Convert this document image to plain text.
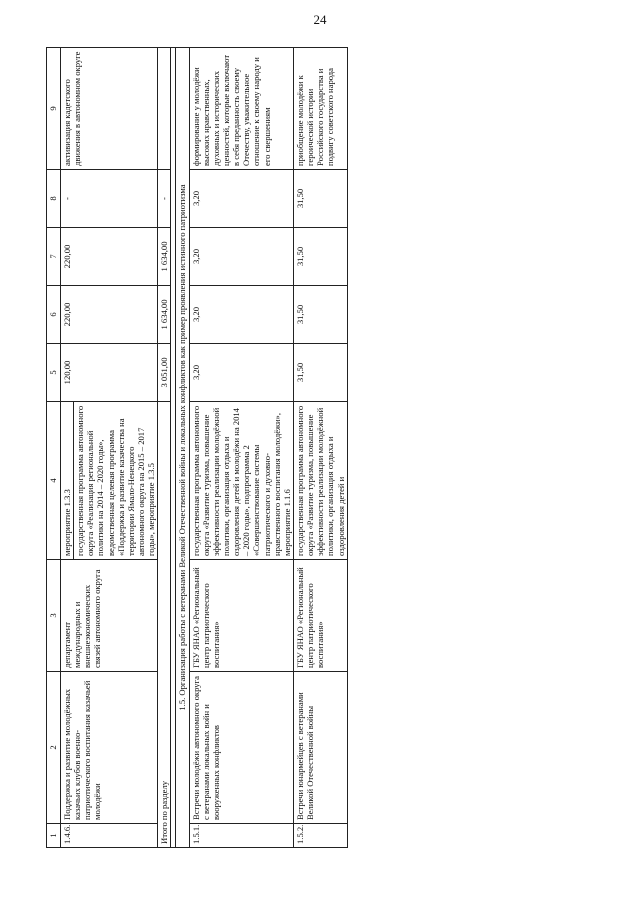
24
1	2	3	4	5	6	7	8	9
1.4.6.	Поддержка и развитие молодёжных казачьих клубов военно-патриотического воспитания казачьей молодёжи	департамент международных и внешнеэкономических связей автономного округа	мероприятие 1.3.3 государственная программа автономного округа «Реализация региональной политики на 2014 – 2020 годы», ведомственная целевая программа «Поддержка и развитие казачества на территории Ямало-Ненецкого автономного округа на 2015 – 2017 годы», мероприятие 1.3.5	120,00	220,00	220,00	-	активизация кадетского движения в автономном округе
Итого по разделу				3 051,00	1 634,00	1 634,00	-	

1.5. Организация работы с ветеранами Великой Отечественной войны и локальных конфликтов как пример проявления истинного патриотизма								
1.5.1.	Встречи молодёжи автономного округа с ветеранами локальных войн и вооруженных конфликтов	ГБУ ЯНАО «Региональный центр патриотического воспитания»	государственная программа автономного округа «Развитие туризма, повышение эффективности реализации молодёжной политики, организация отдыха и оздоровления детей и молодёжи на 2014 – 2020 годы», подпрограмма 2 «Совершенствование системы патриотического и духовно-нравственного воспитания молодёжи», мероприятие 1.1.6	3,20	3,20	3,20	3,20	формирование у молодёжи высоких нравственных, духовных и исторических ценностей, которые включают в себя преданность своему Отечеству, уважительное отношение к своему народу и его свершениям
1.5.2.	Встречи юнармейцев с ветеранами Великой Отечественной войны	ГБУ ЯНАО «Региональный центр патриотического воспитания»	государственная программа автономного округа «Развитие туризма, повышение эффективности реализации молодёжной политики, организация отдыха и оздоровления детей и	31,50	31,50	31,50	31,50	приобщение молодёжи к героической истории Российского государства и подвигу советского народа
